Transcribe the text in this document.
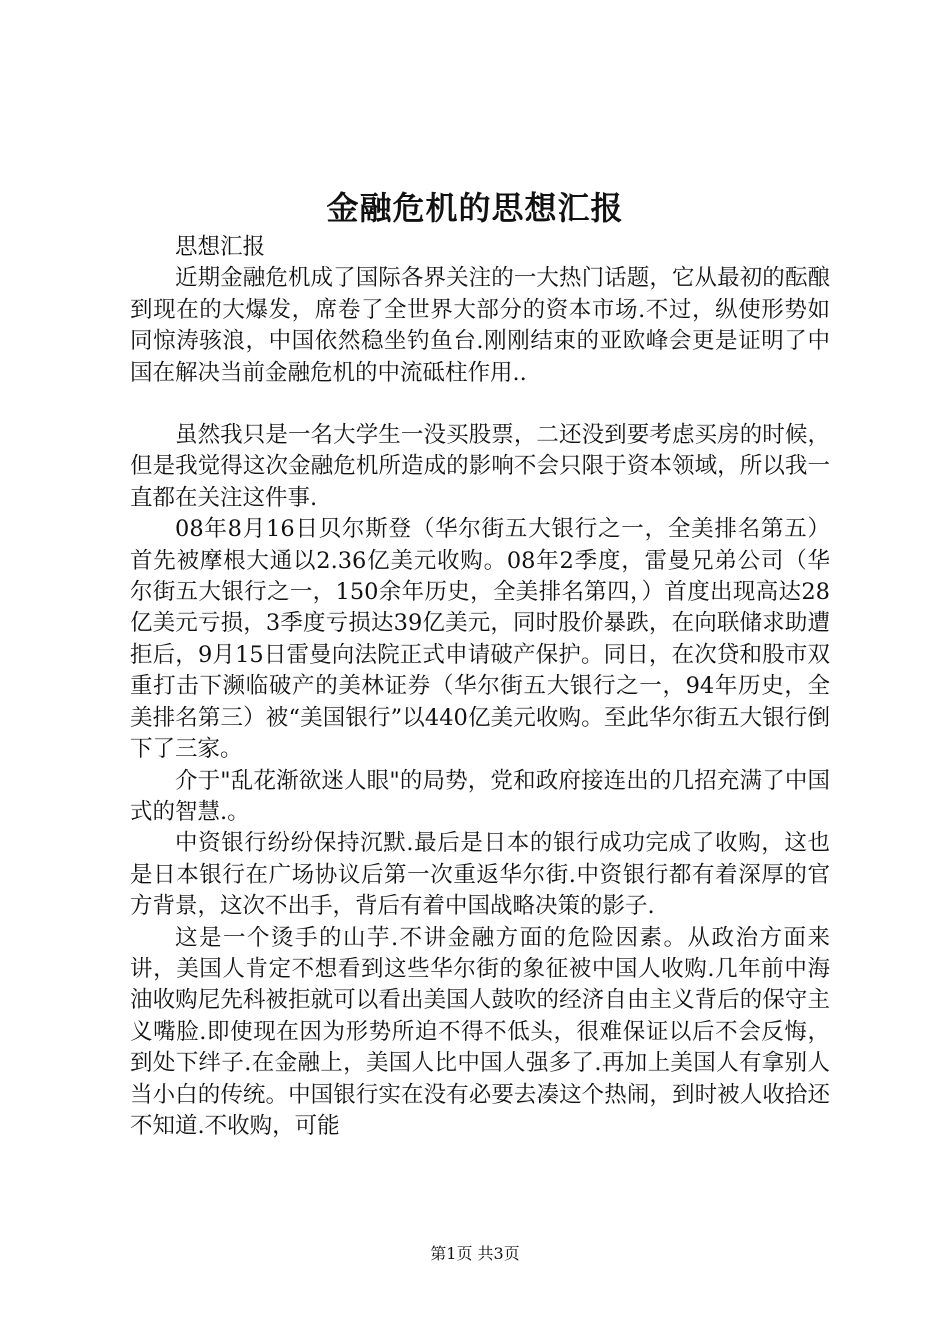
金融危机的思想汇报

思想汇报

近期金融危机成了国际各界关注的一大热门话题，它从最初的酝酿到现在的大爆发，席卷了全世界大部分的资本市场.不过，纵使形势如同惊涛骇浪，中国依然稳坐钓鱼台.刚刚结束的亚欧峰会更是证明了中国在解决当前金融危机的中流砥柱作用..

虽然我只是一名大学生一没买股票，二还没到要考虑买房的时候，但是我觉得这次金融危机所造成的影响不会只限于资本领域，所以我一直都在关注这件事.

08年8月16日贝尔斯登（华尔街五大银行之一，全美排名第五）首先被摩根大通以2.36亿美元收购。08年2季度，雷曼兄弟公司（华尔街五大银行之一，150余年历史，全美排名第四，）首度出现高达28亿美元亏损，3季度亏损达39亿美元，同时股价暴跌，在向联储求助遭拒后，9月15日雷曼向法院正式申请破产保护。同日，在次贷和股市双重打击下濒临破产的美林证券（华尔街五大银行之一，94年历史，全美排名第三）被“美国银行”以440亿美元收购。至此华尔街五大银行倒下了三家。

介于"乱花渐欲迷人眼"的局势，党和政府接连出的几招充满了中国式的智慧.。

中资银行纷纷保持沉默.最后是日本的银行成功完成了收购，这也是日本银行在广场协议后第一次重返华尔街.中资银行都有着深厚的官方背景，这次不出手，背后有着中国战略决策的影子.

这是一个烫手的山芋.不讲金融方面的危险因素。从政治方面来讲，美国人肯定不想看到这些华尔街的象征被中国人收购.几年前中海油收购尼先科被拒就可以看出美国人鼓吹的经济自由主义背后的保守主义嘴脸.即使现在因为形势所迫不得不低头，很难保证以后不会反悔，到处下绊子.在金融上，美国人比中国人强多了.再加上美国人有拿别人当小白的传统。中国银行实在没有必要去凑这个热闹，到时被人收拾还不知道.不收购，可能

第1页 共3页
